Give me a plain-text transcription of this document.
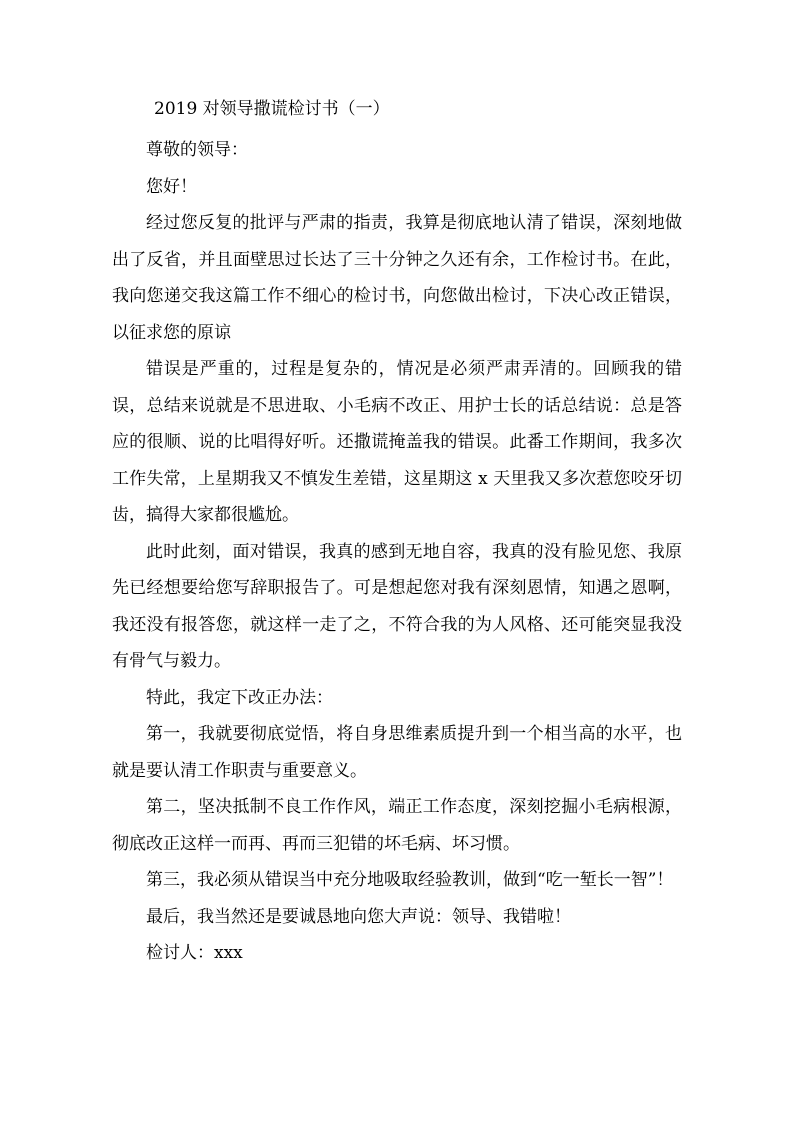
2019 对领导撒谎检讨书（一）

尊敬的领导：

您好！

经过您反复的批评与严肃的指责，我算是彻底地认清了错误，深刻地做出了反省，并且面壁思过长达了三十分钟之久还有余，工作检讨书。在此，我向您递交我这篇工作不细心的检讨书，向您做出检讨，下决心改正错误，以征求您的原谅

错误是严重的，过程是复杂的，情况是必须严肃弄清的。回顾我的错误，总结来说就是不思进取、小毛病不改正、用护士长的话总结说：总是答应的很顺、说的比唱得好听。还撒谎掩盖我的错误。此番工作期间，我多次工作失常，上星期我又不慎发生差错，这星期这 x 天里我又多次惹您咬牙切齿，搞得大家都很尴尬。

此时此刻，面对错误，我真的感到无地自容，我真的没有脸见您、我原先已经想要给您写辞职报告了。可是想起您对我有深刻恩情，知遇之恩啊，我还没有报答您，就这样一走了之，不符合我的为人风格、还可能突显我没有骨气与毅力。

特此，我定下改正办法：

第一，我就要彻底觉悟，将自身思维素质提升到一个相当高的水平，也就是要认清工作职责与重要意义。

第二，坚决抵制不良工作作风，端正工作态度，深刻挖掘小毛病根源，彻底改正这样一而再、再而三犯错的坏毛病、坏习惯。

第三，我必须从错误当中充分地吸取经验教训，做到“吃一堑长一智”！

最后，我当然还是要诚恳地向您大声说：领导、我错啦！

检讨人：xxx
